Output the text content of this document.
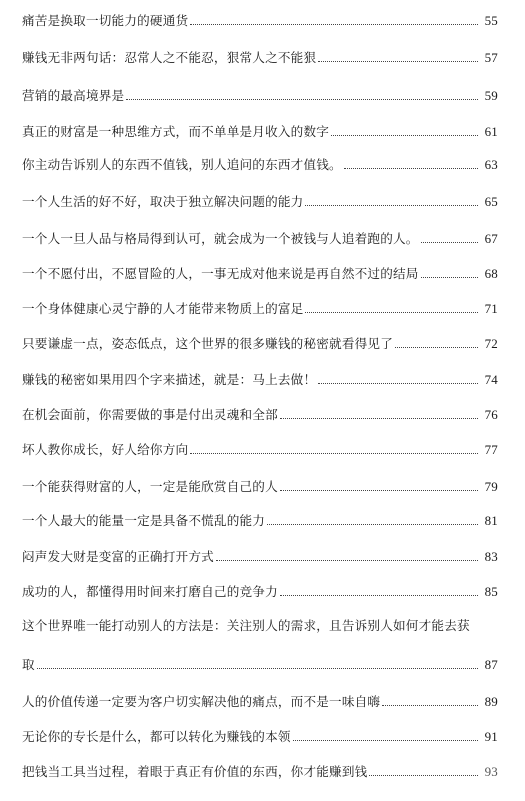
痛苦是换取一切能力的硬通货	55
赚钱无非两句话：忍常人之不能忍，狠常人之不能狠	57
营销的最高境界是	59
真正的财富是一种思维方式，而不单单是月收入的数字	61
你主动告诉别人的东西不值钱，别人追问的东西才值钱。	63
一个人生活的好不好，取决于独立解决问题的能力	65
一个人一旦人品与格局得到认可，就会成为一个被钱与人追着跑的人。	67
一个不愿付出，不愿冒险的人，一事无成对他来说是再自然不过的结局	68
一个身体健康心灵宁静的人才能带来物质上的富足	71
只要谦虚一点，姿态低点，这个世界的很多赚钱的秘密就看得见了	72
赚钱的秘密如果用四个字来描述，就是：马上去做！	74
在机会面前，你需要做的事是付出灵魂和全部	76
坏人教你成长，好人给你方向	77
一个能获得财富的人，一定是能欣赏自己的人	79
一个人最大的能量一定是具备不慌乱的能力	81
闷声发大财是变富的正确打开方式	83
成功的人，都懂得用时间来打磨自己的竞争力	85
这个世界唯一能打动别人的方法是：关注别人的需求，且告诉别人如何才能去获
取	87
人的价值传递一定要为客户切实解决他的痛点，而不是一味自嗨	89
无论你的专长是什么，都可以转化为赚钱的本领	91
把钱当工具当过程，着眼于真正有价值的东西，你才能赚到钱	93
